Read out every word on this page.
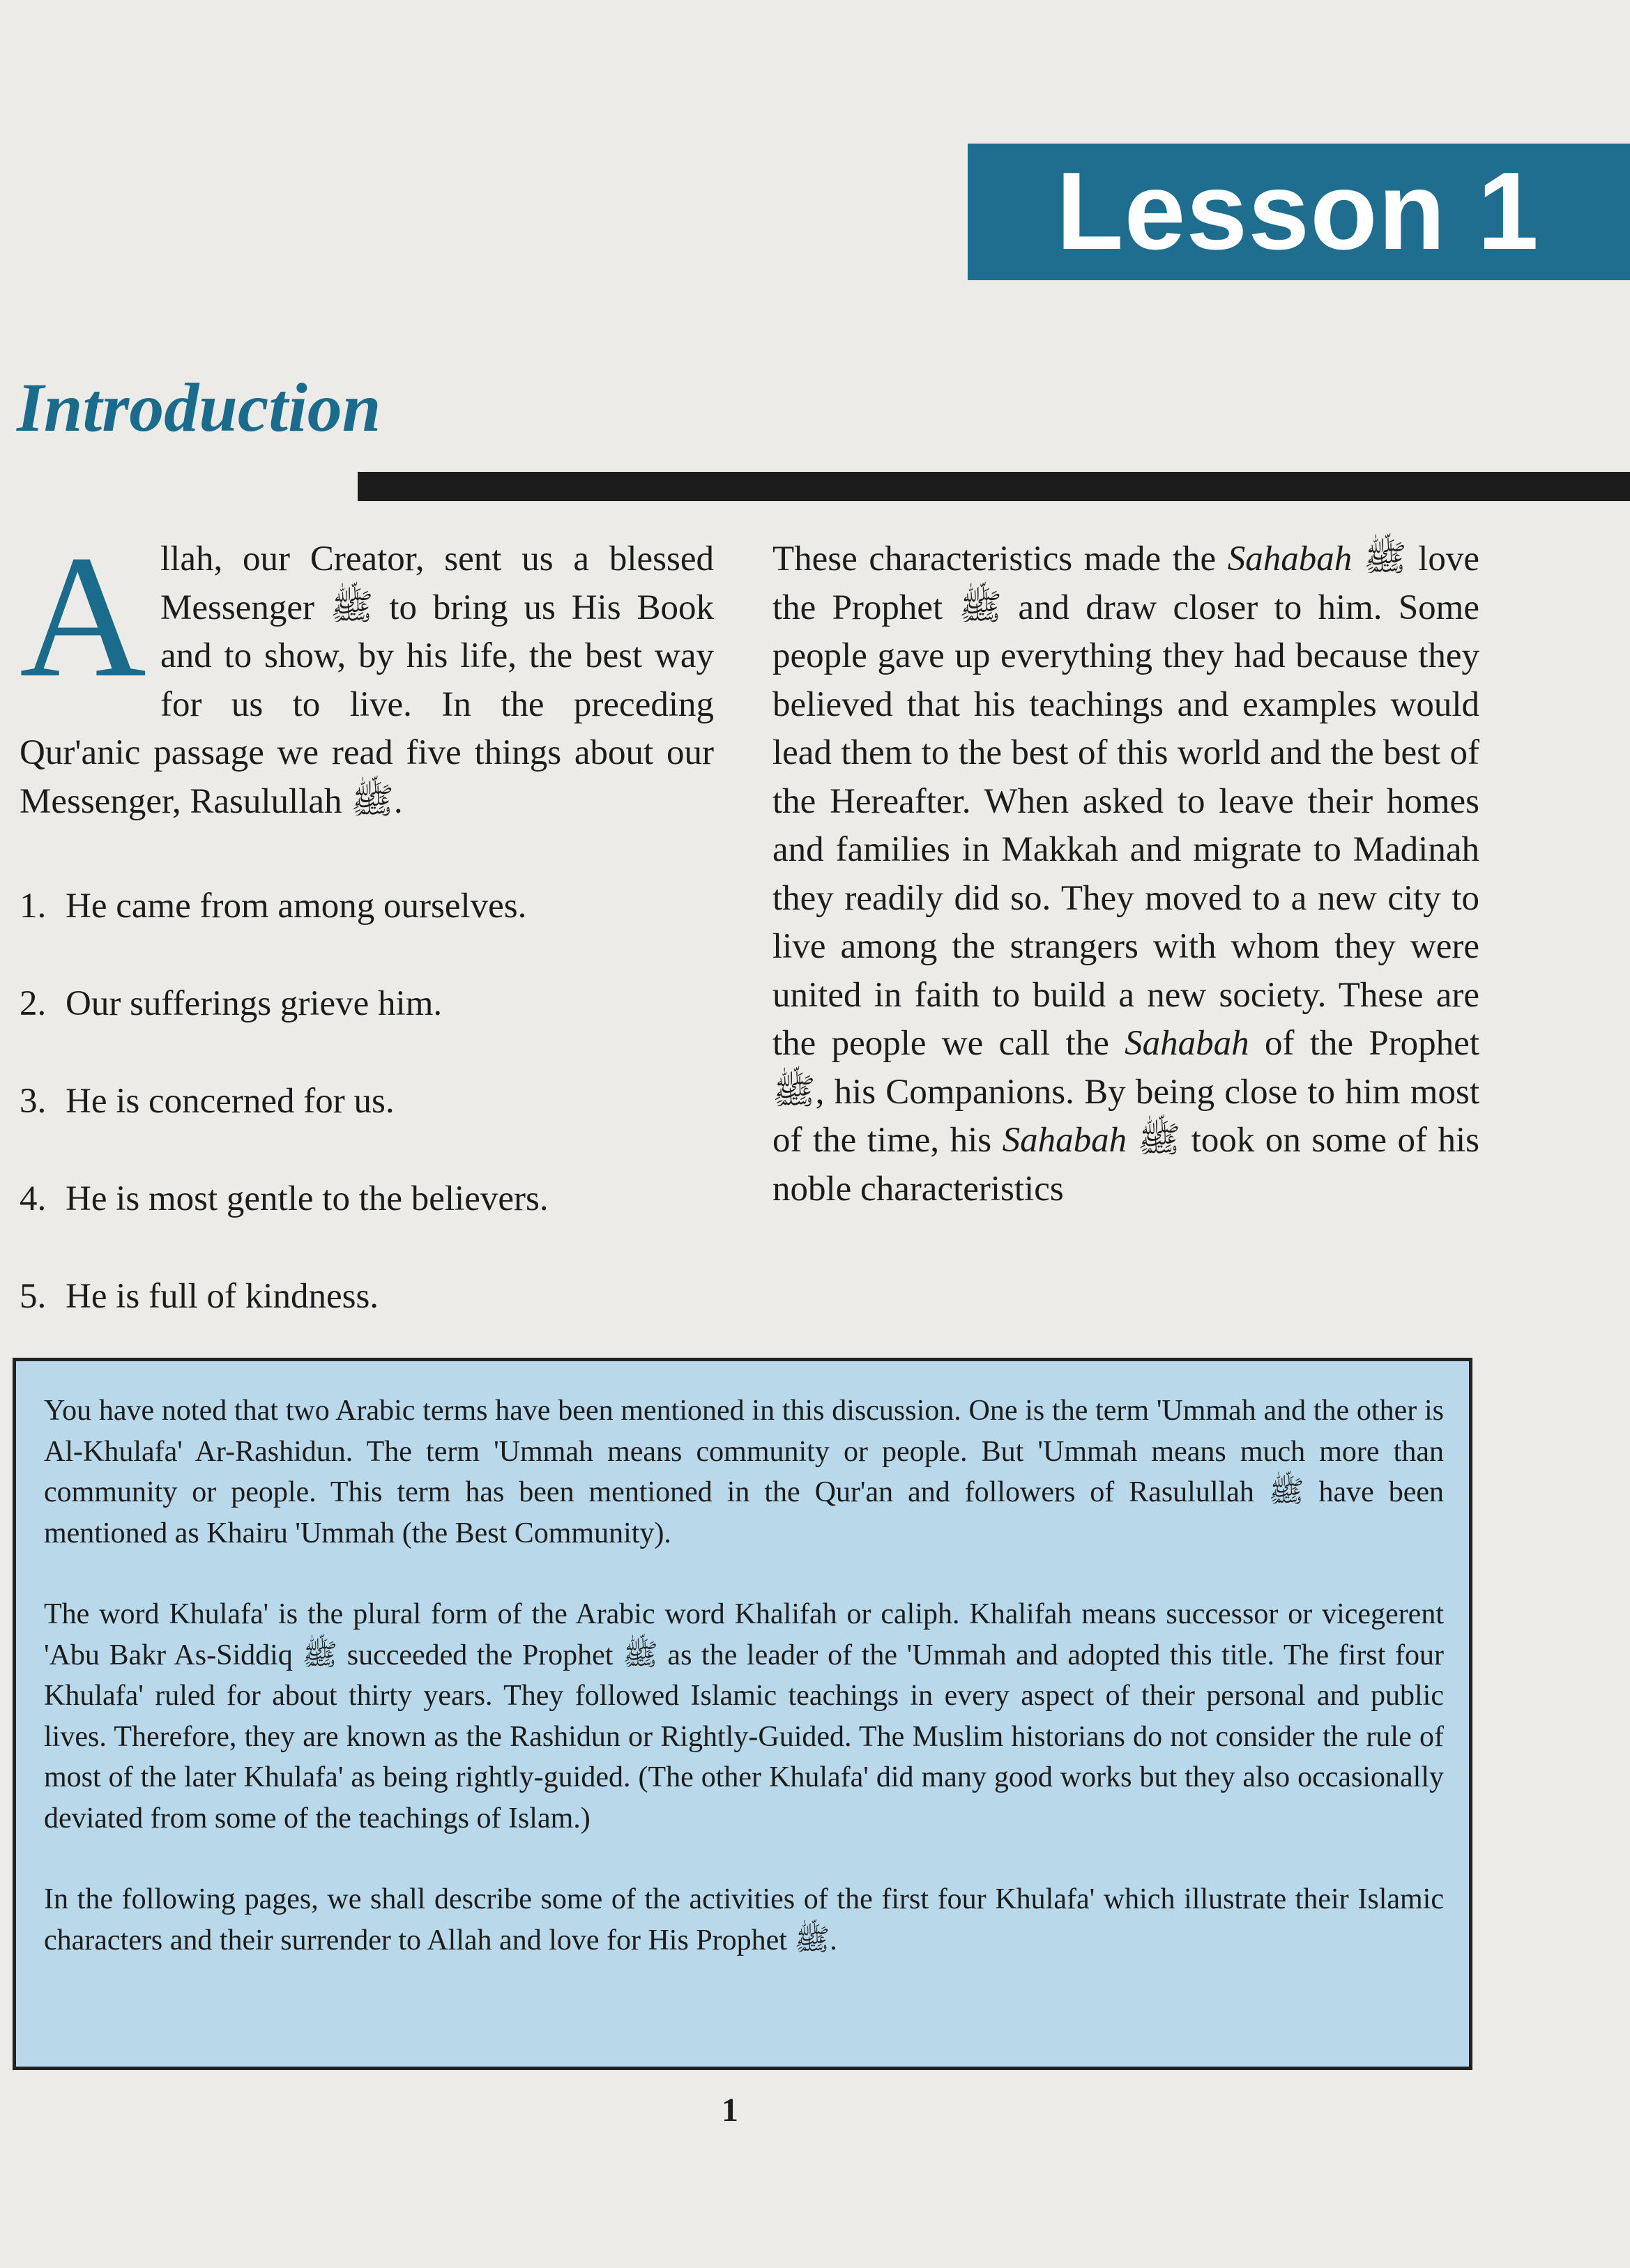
Lesson 1
Introduction
Allah, our Creator, sent us a blessed Messenger ﷺ to bring us His Book and to show, by his life, the best way for us to live. In the preceding Qur'anic passage we read five things about our Messenger, Rasulullah ﷺ.
1. He came from among ourselves.
2. Our sufferings grieve him.
3. He is concerned for us.
4. He is most gentle to the believers.
5. He is full of kindness.
These characteristics made the Sahabah ﷺ love the Prophet ﷺ and draw closer to him. Some people gave up everything they had because they believed that his teachings and examples would lead them to the best of this world and the best of the Hereafter. When asked to leave their homes and families in Makkah and migrate to Madinah they readily did so. They moved to a new city to live among the strangers with whom they were united in faith to build a new society. These are the people we call the Sahabah of the Prophet ﷺ, his Companions. By being close to him most of the time, his Sahabah ﷺ took on some of his noble characteristics

You have noted that two Arabic terms have been mentioned in this discussion. One is the term 'Ummah and the other is Al-Khulafa' Ar-Rashidun. The term 'Ummah means community or people. But 'Ummah means much more than community or people. This term has been mentioned in the Qur'an and followers of Rasulullah ﷺ have been mentioned as Khairu 'Ummah (the Best Community).

The word Khulafa' is the plural form of the Arabic word Khalifah or caliph. Khalifah means successor or vicegerent 'Abu Bakr As-Siddiq ﷺ succeeded the Prophet ﷺ as the leader of the 'Ummah and adopted this title. The first four Khulafa' ruled for about thirty years. They followed Islamic teachings in every aspect of their personal and public lives. Therefore, they are known as the Rashidun or Rightly-Guided. The Muslim historians do not consider the rule of most of the later Khulafa' as being rightly-guided. (The other Khulafa' did many good works but they also occasionally deviated from some of the teachings of Islam.)

In the following pages, we shall describe some of the activities of the first four Khulafa' which illustrate their Islamic characters and their surrender to Allah and love for His Prophet ﷺ.

1
